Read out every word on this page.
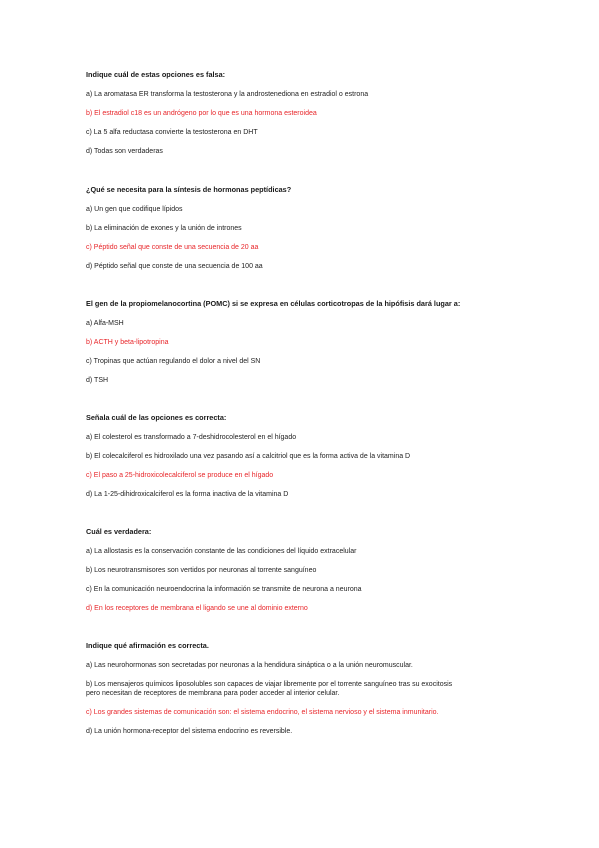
Indique cuál de estas opciones es falsa:

a) La aromatasa ER transforma la testosterona y la androstenediona en estradiol o estrona

b) El estradiol c18 es un andrógeno por lo que es una hormona esteroidea

c) La 5 alfa reductasa convierte la testosterona en DHT

d) Todas son verdaderas

¿Qué se necesita para la síntesis de hormonas peptídicas?

a) Un gen que codifique lípidos

b) La eliminación de exones y la unión de intrones

c) Péptido señal que conste de una secuencia de 20 aa

d) Péptido señal que conste de una secuencia de 100 aa

El gen de la propiomelanocortina (POMC) si se expresa en células corticotropas de la hipófisis dará lugar a:

a) Alfa-MSH

b) ACTH y beta-lipotropina

c) Tropinas que actúan regulando el dolor a nivel del SN

d) TSH

Señala cuál de las opciones es correcta:

a) El colesterol es transformado a 7-deshidrocolesterol en el hígado

b) El colecalciferol es hidroxilado una vez pasando así a calcitriol que es la forma activa de la vitamina D

c) El paso a 25-hidroxicolecalciferol se produce en el hígado

d) La 1-25-dihidroxicalciferol es la forma inactiva de la vitamina D

Cuál es verdadera:

a) La allostasis es la conservación constante de las condiciones del líquido extracelular

b) Los neurotransmisores son vertidos por neuronas al torrente sanguíneo

c) En la comunicación neuroendocrina la información se transmite de neurona a neurona

d) En los receptores de membrana el ligando se une al dominio externo

Indique qué afirmación es correcta.

a) Las neurohormonas son secretadas por neuronas a la hendidura sináptica o a la unión neuromuscular.

b) Los mensajeros químicos liposolubles son capaces de viajar libremente por el torrente sanguíneo tras su exocitosis
pero necesitan de receptores de membrana para poder acceder al interior celular.

c) Los grandes sistemas de comunicación son: el sistema endocrino, el sistema nervioso y el sistema inmunitario.

d) La unión hormona-receptor del sistema endocrino es reversible.
